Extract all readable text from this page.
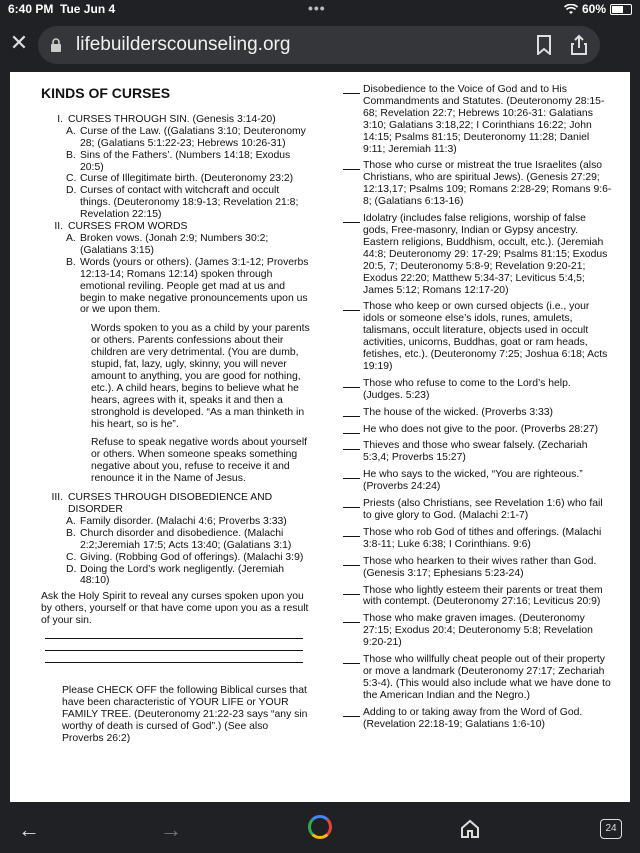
6:40 PM Tue Jun 4	•••	60%
✕	lifebuilderscounseling.org
KINDS OF CURSES
I. CURSES THROUGH SIN. (Genesis 3:14-20)
A. Curse of the Law. ((Galatians 3:10; Deuteronomy 28; (Galatians 5:1:22-23; Hebrews 10:26-31)
B. Sins of the Fathers’. (Numbers 14:18; Exodus 20:5)
C. Curse of Illegitimate birth. (Deuteronomy 23:2)
D. Curses of contact with witchcraft and occult things. (Deuteronomy 18:9-13; Revelation 21:8; Revelation 22:15)
II. CURSES FROM WORDS
A. Broken vows. (Jonah 2:9; Numbers 30:2; (Galatians 3:15)
B. Words (yours or others). (James 3:1-12; Proverbs 12:13-14; Romans 12:14) spoken through emotional reviling. People get mad at us and begin to make negative pronouncements upon us or we upon them.
Words spoken to you as a child by your parents or others. Parents confessions about their children are very detrimental. (You are dumb, stupid, fat, lazy, ugly, skinny, you will never amount to anything, you are good for nothing, etc.). A child hears, begins to believe what he hears, agrees with it, speaks it and then a stronghold is developed. “As a man thinketh in his heart, so is he”.
Refuse to speak negative words about yourself or others. When someone speaks something negative about you, refuse to receive it and renounce it in the Name of Jesus.
III. CURSES THROUGH DISOBEDIENCE AND DISORDER
A. Family disorder. (Malachi 4:6; Proverbs 3:33)
B. Church disorder and disobedience. (Malachi 2:2;Jeremiah 17:5; Acts 13:40; (Galatians 3:1)
C. Giving. (Robbing God of offerings). (Malachi 3:9)
D. Doing the Lord’s work negligently. (Jeremiah 48:10)
Ask the Holy Spirit to reveal any curses spoken upon you by others, yourself or that have come upon you as a result of your sin.
Please CHECK OFF the following Biblical curses that have been characteristic of YOUR LIFE or YOUR FAMILY TREE. (Deuteronomy 21:22-23 says “any sin worthy of death is cursed of God”.) (See also Proverbs 26:2)
Disobedience to the Voice of God and to His Commandments and Statutes. (Deuteronomy 28:15-68; Revelation 22:7; Hebrews 10:26-31: Galatians 3:10; Galatians 3:18,22; I Corinthians 16:22; John 14:15; Psalms 81:15; Deuteronomy 11:28; Daniel 9:11; Jeremiah 11:3)
Those who curse or mistreat the true Israelites (also Christians, who are spiritual Jews). (Genesis 27:29; 12:13,17; Psalms 109; Romans 2:28-29; Romans 9:6-8; (Galatians 6:13-16)
Idolatry (includes false religions, worship of false gods, Free-masonry, Indian or Gypsy ancestry. Eastern religions, Buddhism, occult, etc.). (Jeremiah 44:8; Deuteronomy 29: 17-29; Psalms 81:15; Exodus 20:5, 7; Deuteronomy 5:8-9; Revelation 9:20-21; Exodus 22:20; Matthew 5:34-37; Leviticus 5:4,5; James 5:12; Romans 12:17-20)
Those who keep or own cursed objects (i.e., your idols or someone else’s idols, runes, amulets, talismans, occult literature, objects used in occult activities, unicorns, Buddhas, goat or ram heads, fetishes, etc.). (Deuteronomy 7:25; Joshua 6:18; Acts 19:19)
Those who refuse to come to the Lord’s help. (Judges. 5:23)
The house of the wicked. (Proverbs 3:33)
He who does not give to the poor. (Proverbs 28:27)
Thieves and those who swear falsely. (Zechariah 5:3,4; Proverbs 15:27)
He who says to the wicked, “You are righteous.” (Proverbs 24:24)
Priests (also Christians, see Revelation 1:6) who fail to give glory to God. (Malachi 2:1-7)
Those who rob God of tithes and offerings. (Malachi 3:8-11; Luke 6:38; I Corinthians. 9:6)
Those who hearken to their wives rather than God. (Genesis 3:17; Ephesians 5:23-24)
Those who lightly esteem their parents or treat them with contempt. (Deuteronomy 27:16; Leviticus 20:9)
Those who make graven images. (Deuteronomy 27:15; Exodus 20:4; Deuteronomy 5:8; Revelation 9:20-21)
Those who willfully cheat people out of their property or move a landmark (Deuteronomy 27:17; Zechariah 5:3-4). (This would also include what we have done to the American Indian and the Negro.)
Adding to or taking away from the Word of God. (Revelation 22:18-19; Galatians 1:6-10)
←	→	24
